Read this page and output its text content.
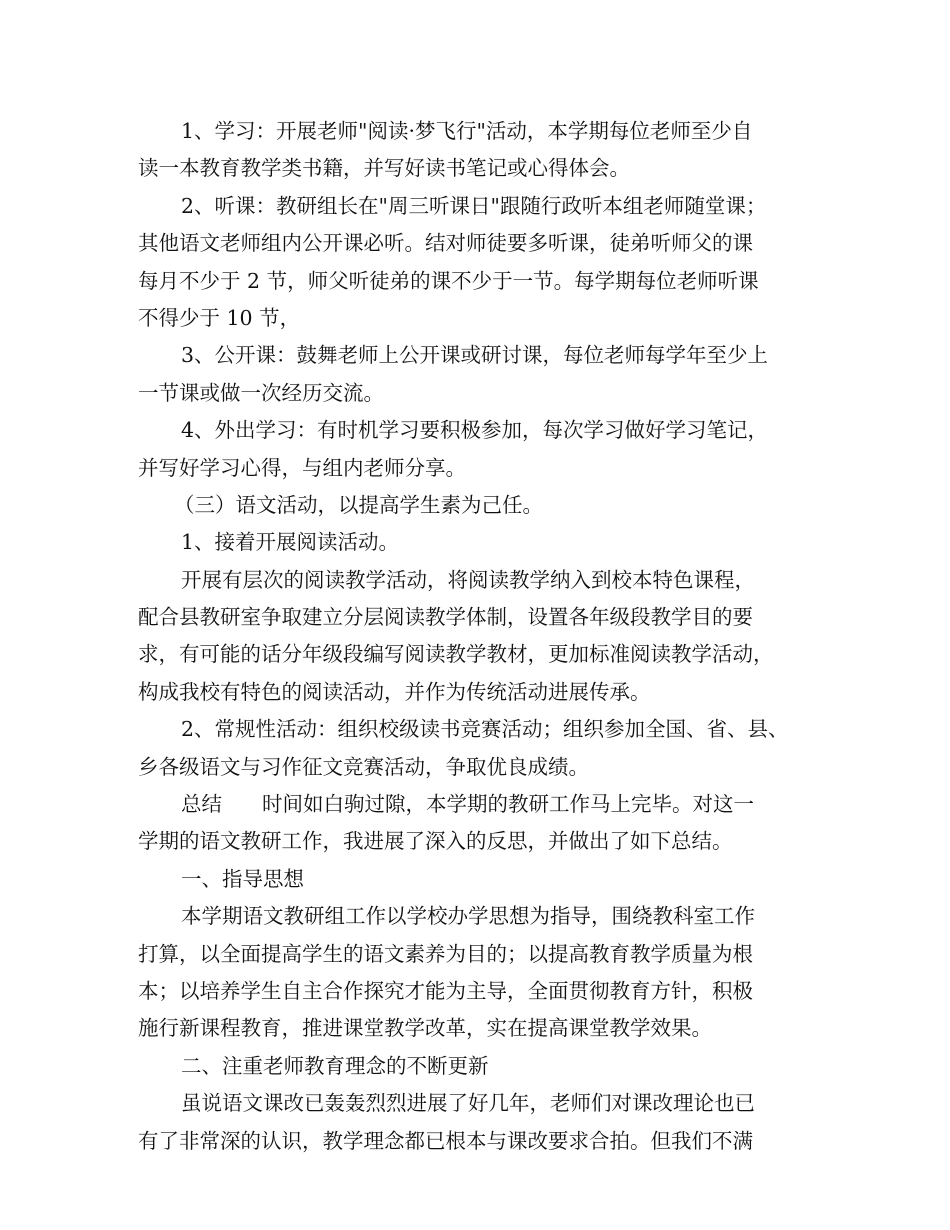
1、学习：开展老师"阅读·梦飞行"活动，本学期每位老师至少自
读一本教育教学类书籍，并写好读书笔记或心得体会。
2、听课：教研组长在"周三听课日"跟随行政听本组老师随堂课；
其他语文老师组内公开课必听。结对师徒要多听课，徒弟听师父的课
每月不少于 2 节，师父听徒弟的课不少于一节。每学期每位老师听课
不得少于 10 节，
3、公开课：鼓舞老师上公开课或研讨课，每位老师每学年至少上
一节课或做一次经历交流。
4、外出学习：有时机学习要积极参加，每次学习做好学习笔记，
并写好学习心得，与组内老师分享。
（三）语文活动，以提高学生素为己任。
1、接着开展阅读活动。
开展有层次的阅读教学活动，将阅读教学纳入到校本特色课程，
配合县教研室争取建立分层阅读教学体制，设置各年级段教学目的要
求，有可能的话分年级段编写阅读教学教材，更加标准阅读教学活动，
构成我校有特色的阅读活动，并作为传统活动进展传承。
2、常规性活动：组织校级读书竞赛活动；组织参加全国、省、县、
乡各级语文与习作征文竞赛活动，争取优良成绩。
总结 时间如白驹过隙，本学期的教研工作马上完毕。对这一
学期的语文教研工作，我进展了深入的反思，并做出了如下总结。
一、指导思想
本学期语文教研组工作以学校办学思想为指导，围绕教科室工作
打算，以全面提高学生的语文素养为目的；以提高教育教学质量为根
本；以培养学生自主合作探究才能为主导，全面贯彻教育方针，积极
施行新课程教育，推进课堂教学改革，实在提高课堂教学效果。
二、注重老师教育理念的不断更新
虽说语文课改已轰轰烈烈进展了好几年，老师们对课改理论也已
有了非常深的认识，教学理念都已根本与课改要求合拍。但我们不满
